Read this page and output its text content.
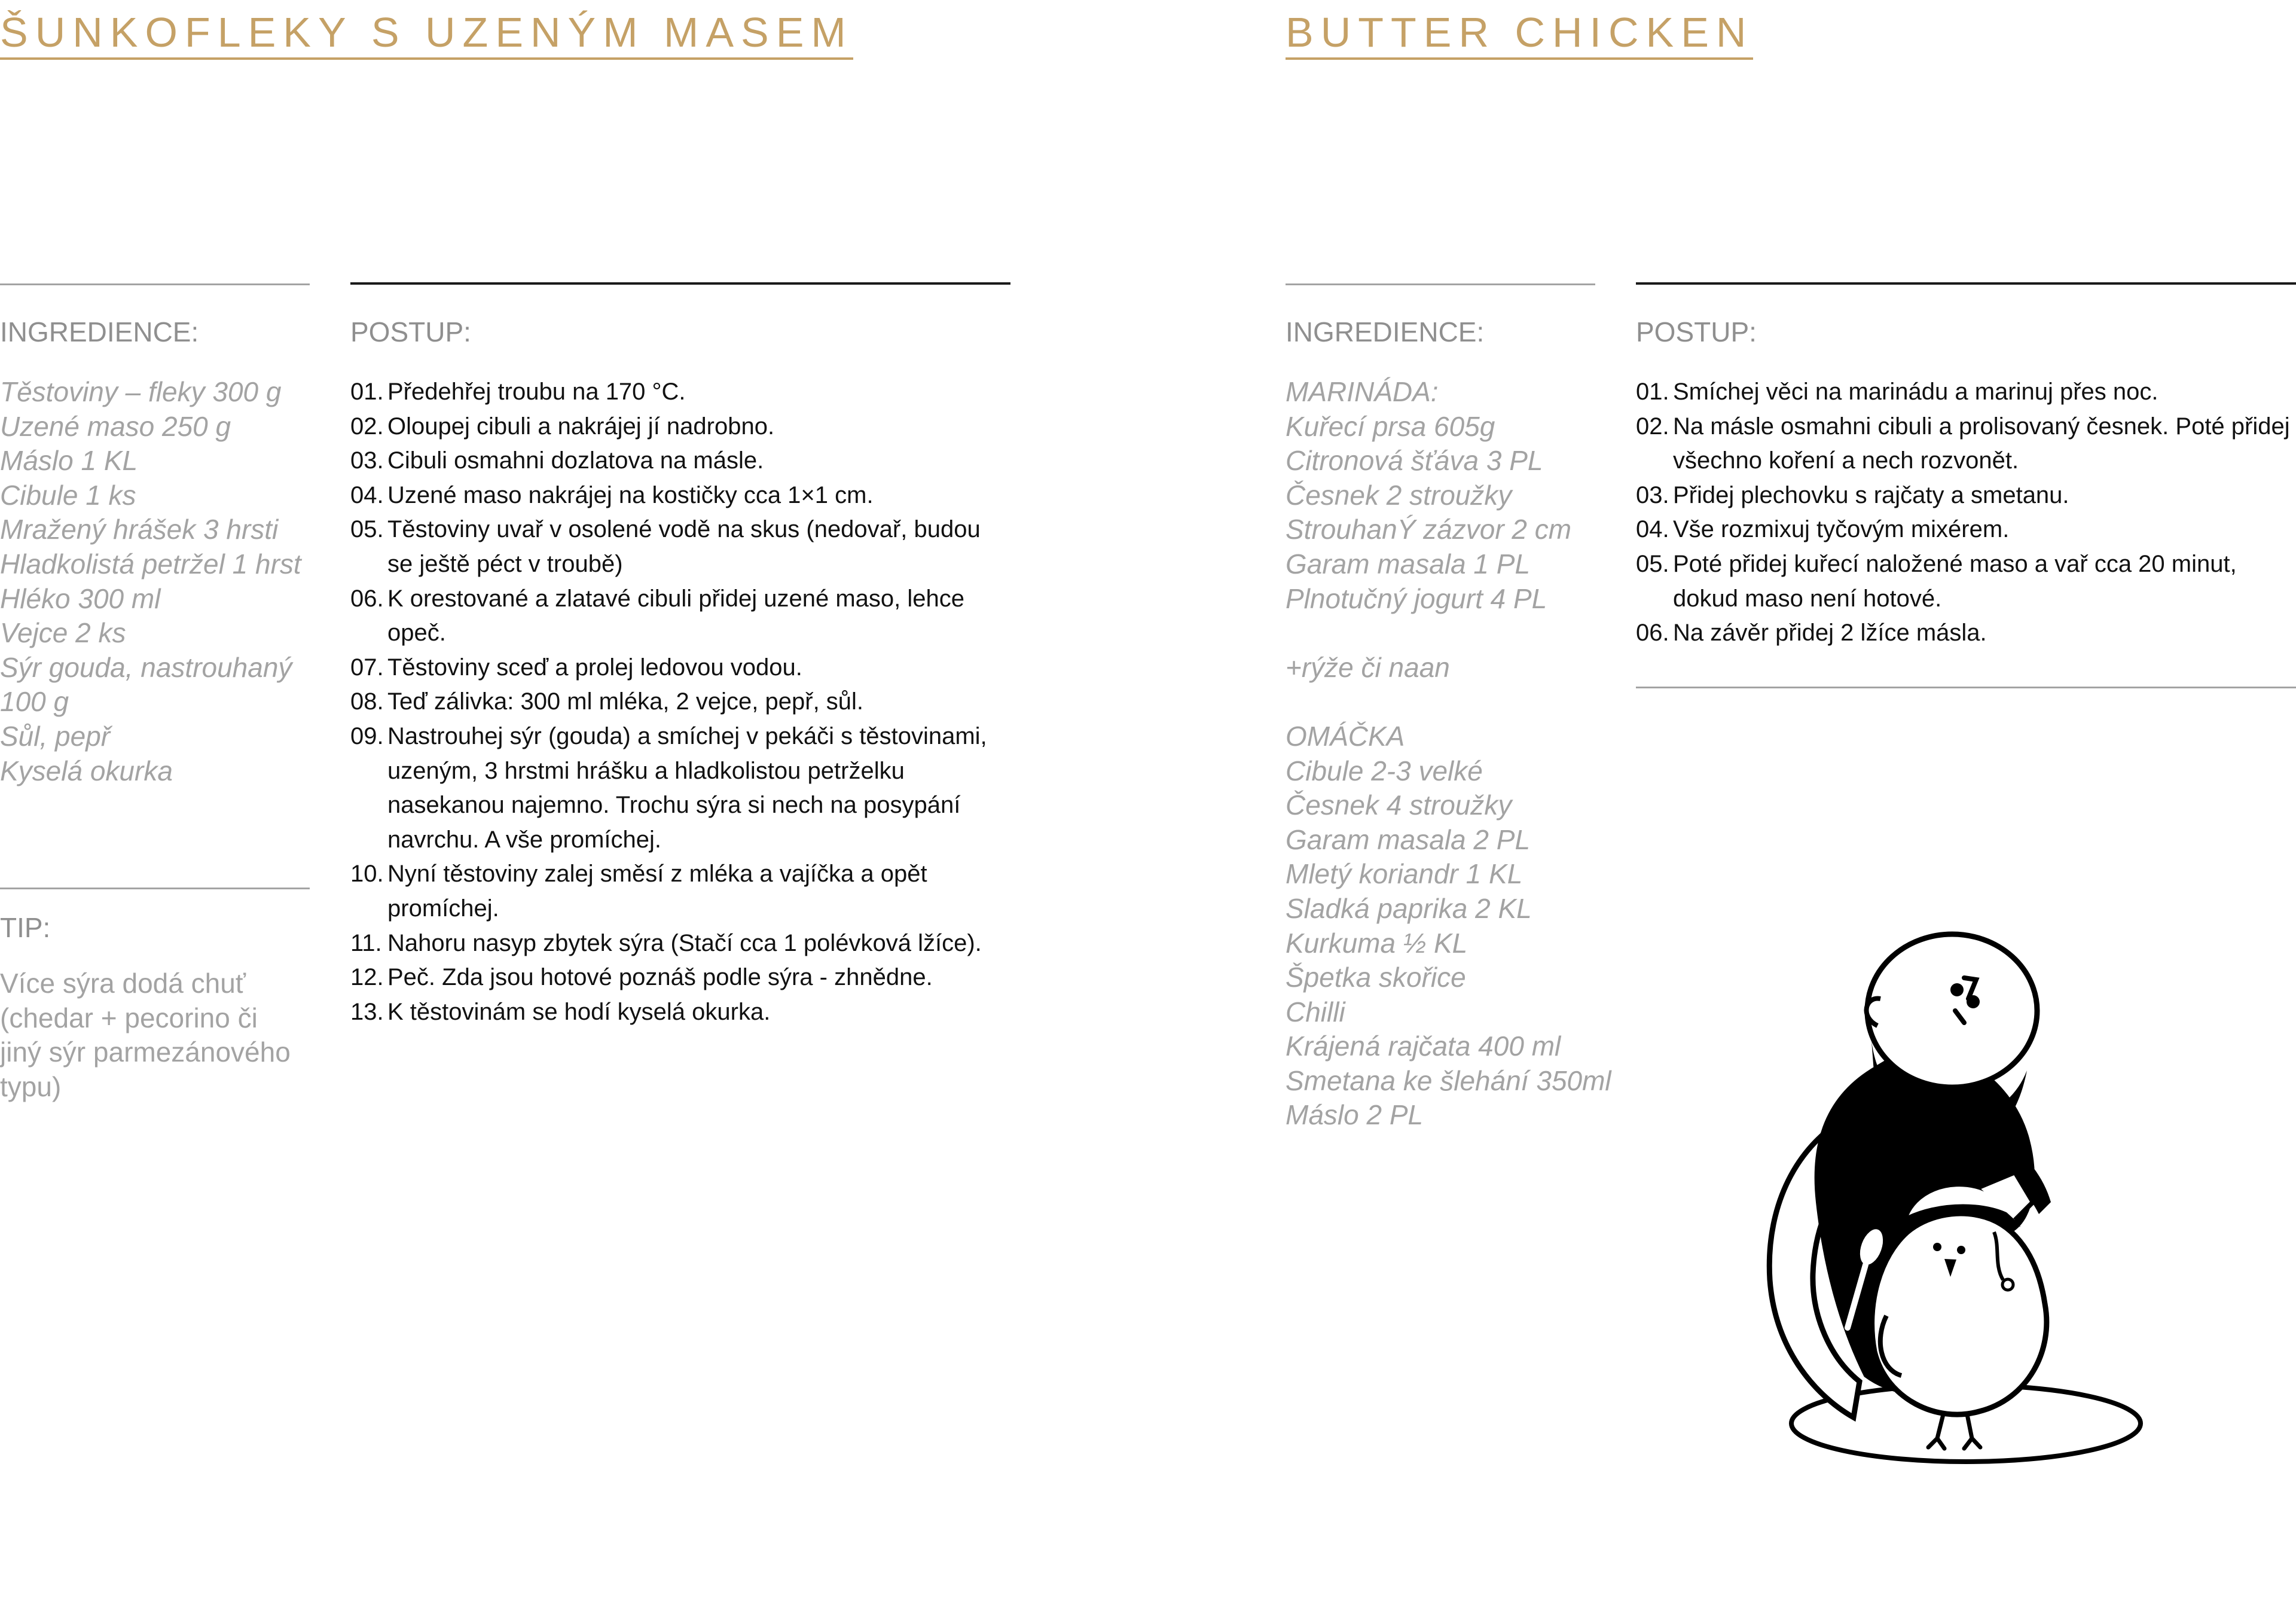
ŠUNKOFLEKY S UZENÝM MASEM

INGREDIENCE:	POSTUP:

Těstoviny – fleky 300 g
Uzené maso 250 g
Máslo 1 KL
Cibule 1 ks
Mražený hrášek 3 hrsti
Hladkolistá petržel 1 hrst
Hléko 300 ml
Vejce 2 ks
Sýr gouda, nastrouhaný
100 g
Sůl, pepř
Kyselá okurka

TIP:

Více sýra dodá chuť (chedar + pecorino či jiný sýr parmezánového typu)

01. Předehřej troubu na 170 °C.
02. Oloupej cibuli a nakrájej jí nadrobno.
03. Cibuli osmahni dozlatova na másle.
04. Uzené maso nakrájej na kostičky cca 1×1 cm.
05. Těstoviny uvař v osolené vodě na skus (nedovař, budou se ještě péct v troubě)
06. K orestované a zlatavé cibuli přidej uzené maso, lehce opeč.
07. Těstoviny sceď a prolej ledovou vodou.
08. Teď zálivka: 300 ml mléka, 2 vejce, pepř, sůl.
09. Nastrouhej sýr (gouda) a smíchej v pekáči s těstovinami, uzeným, 3 hrstmi hrášku a hladkolistou petrželku nasekanou najemno. Trochu sýra si nech na posypání navrchu. A vše promíchej.
10. Nyní těstoviny zalej směsí z mléka a vajíčka a opět promíchej.
11. Nahoru nasyp zbytek sýra (Stačí cca 1 polévková lžíce).
12. Peč. Zda jsou hotové poznáš podle sýra - zhnědne.
13. K těstovinám se hodí kyselá okurka.
BUTTER CHICKEN

INGREDIENCE:	POSTUP:

MARINÁDA:
Kuřecí prsa 605g
Citronová šťáva 3 PL
Česnek 2 stroužky
StrouhanÝ zázvor 2 cm
Garam masala 1 PL
Plnotučný jogurt 4 PL
+rýže či naan
OMÁČKA
Cibule 2-3 velké
Česnek 4 stroužky
Garam masala 2 PL
Mletý koriandr 1 KL
Sladká paprika 2 KL
Kurkuma ½ KL
Špetka skořice
Chilli
Krájená rajčata 400 ml
Smetana ke šlehání 350ml
Máslo 2 PL
01. Smíchej věci na marinádu a marinuj přes noc.
02. Na másle osmahni cibuli a prolisovaný česnek. Poté přidej všechno koření a nech rozvonět.
03. Přidej plechovku s rajčaty a smetanu.
04. Vše rozmixuj tyčovým mixérem.
05. Poté přidej kuřecí naložené maso a vař cca 20 minut, dokud maso není hotové.
06. Na závěr přidej 2 lžíce másla.
